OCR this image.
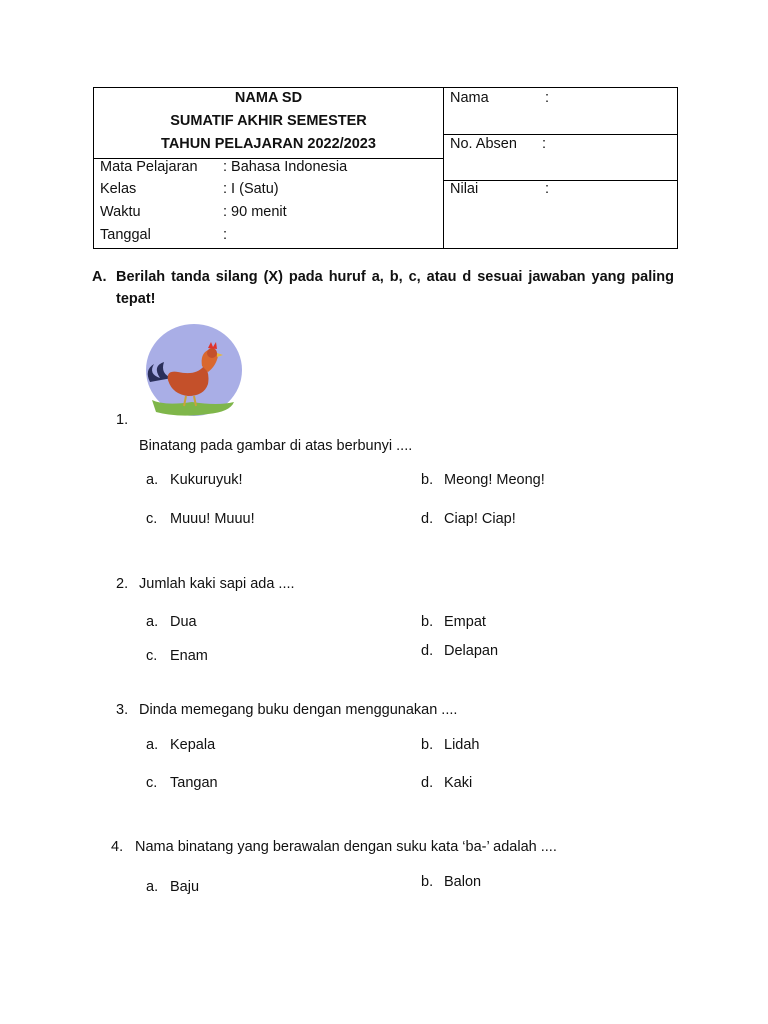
NAMA SD
SUMATIF AKHIR SEMESTER
TAHUN PELAJARAN 2022/2023
Mata Pelajaran : Bahasa Indonesia
Kelas	: I (Satu)
Waktu	: 90 menit
Tanggal	:
Nama	:
No. Absen :
Nilai	:
A. Berilah tanda silang (X) pada huruf a, b, c, atau d sesuai jawaban yang paling tepat!
1.
Binatang pada gambar di atas berbunyi ....
a. Kukuruyuk!	b. Meong! Meong!
c. Muuu! Muuu!	d. Ciap! Ciap!
2. Jumlah kaki sapi ada ....
a. Dua	b. Empat
c. Enam	d. Delapan
3. Dinda memegang buku dengan menggunakan ....
a. Kepala	b. Lidah
c. Tangan	d. Kaki
4. Nama binatang yang berawalan dengan suku kata ‘ba-’ adalah ....
a. Baju	b. Balon
